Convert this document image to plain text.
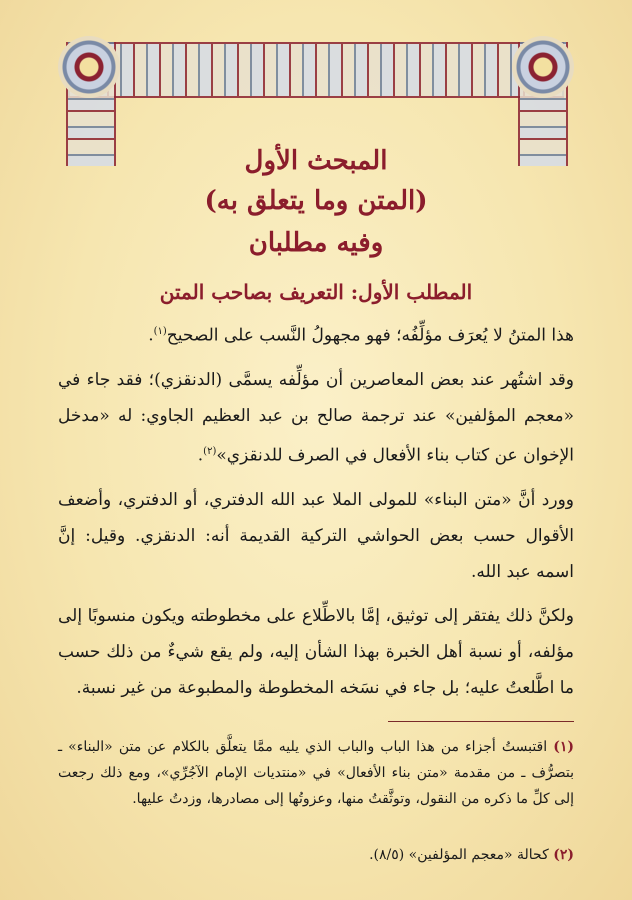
المبحث الأول
(المتن وما يتعلق به)
وفيه مطلبان
المطلب الأول: التعريف بصاحب المتن
هذا المتنُ لا يُعرَف مؤلِّفُه؛ فهو مجهولُ النَّسب على الصحيح$^{(١)}$.
وقد اشتُهر عند بعض المعاصرين أن مؤلِّفه يسمَّى (الدنقزي)؛ فقد جاء في «معجم المؤلفين» عند ترجمة صالح بن عبد العظيم الجاوي: له «مدخل الإخوان عن كتاب بناء الأفعال في الصرف للدنقزي»$^{(٢)}$.
وورد أنَّ «متن البناء» للمولى الملا عبد الله الدفتري، أو الدفتري، وأضعف الأقوال حسب بعض الحواشي التركية القديمة أنه: الدنقزي. وقيل: إنَّ اسمه عبد الله.
ولكنَّ ذلك يفتقر إلى توثيق، إمَّا بالاطِّلاع على مخطوطته ويكون منسوبًا إلى مؤلفه، أو نسبة أهل الخبرة بهذا الشأن إليه، ولم يقع شيءٌ من ذلك حسب ما اطَّلعتُ عليه؛ بل جاء في نسَخه المخطوطة والمطبوعة من غير نسبة.
(١) اقتبستُ أجزاء من هذا الباب والباب الذي يليه ممَّا يتعلَّق بالكلام عن متن «البناء» ـ بتصرُّف ـ من مقدمة «متن بناء الأفعال» في «منتديات الإمام الآجُرِّي»، ومع ذلك رجعت إلى كلِّ ما ذكره من النقول، وتوثَّقتُ منها، وعزوتُها إلى مصادرها، وزدتُ عليها.
(٢) كحالة «معجم المؤلفين» (٨/٥).
